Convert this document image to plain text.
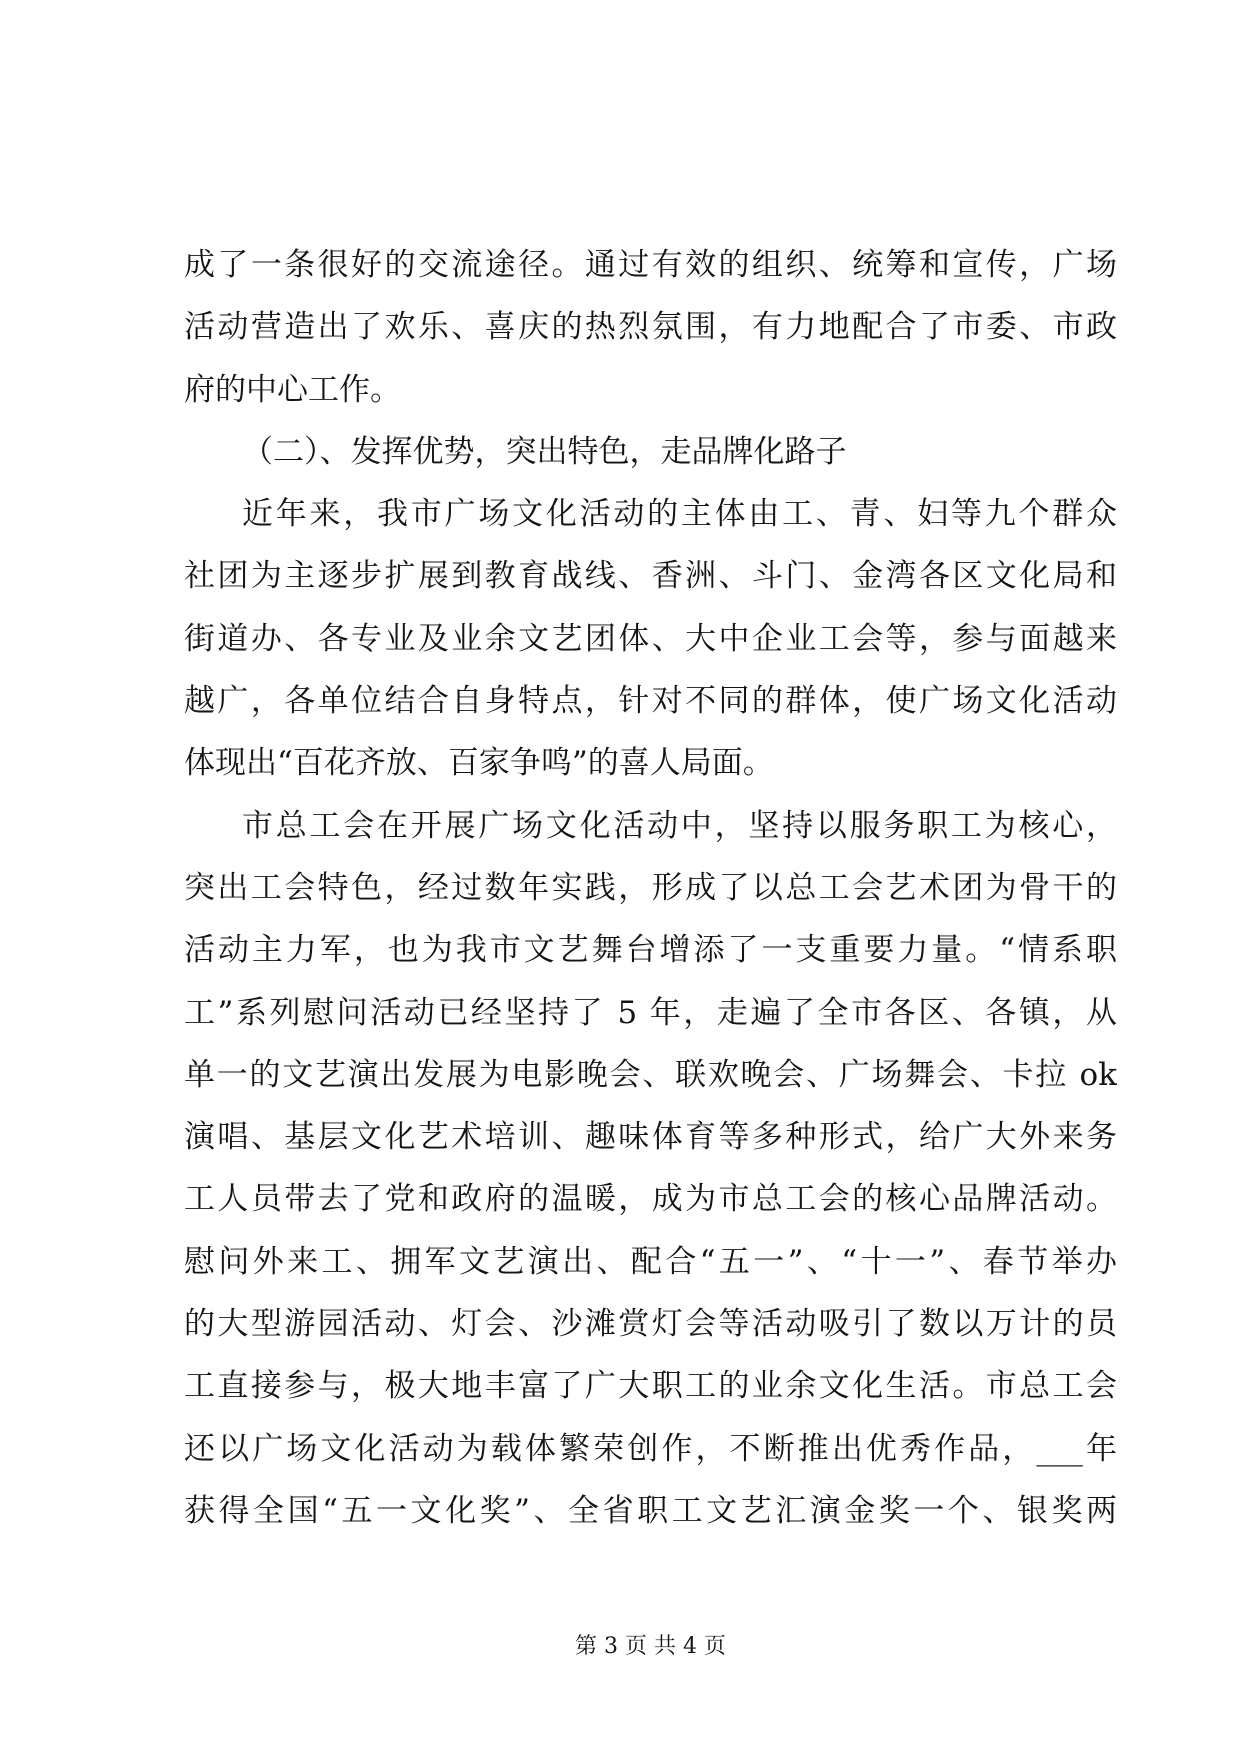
成了一条很好的交流途径。通过有效的组织、统筹和宣传，广场
活动营造出了欢乐、喜庆的热烈氛围，有力地配合了市委、市政
府的中心工作。
（二）、发挥优势，突出特色，走品牌化路子
近年来，我市广场文化活动的主体由工、青、妇等九个群众
社团为主逐步扩展到教育战线、香洲、斗门、金湾各区文化局和
街道办、各专业及业余文艺团体、大中企业工会等，参与面越来
越广，各单位结合自身特点，针对不同的群体，使广场文化活动
体现出“百花齐放、百家争鸣”的喜人局面。
市总工会在开展广场文化活动中，坚持以服务职工为核心，
突出工会特色，经过数年实践，形成了以总工会艺术团为骨干的
活动主力军，也为我市文艺舞台增添了一支重要力量。“情系职
工”系列慰问活动已经坚持了 5 年，走遍了全市各区、各镇，从
单一的文艺演出发展为电影晚会、联欢晚会、广场舞会、卡拉 ok
演唱、基层文化艺术培训、趣味体育等多种形式，给广大外来务
工人员带去了党和政府的温暖，成为市总工会的核心品牌活动。
慰问外来工、拥军文艺演出、配合“五一”、“十一”、春节举办
的大型游园活动、灯会、沙滩赏灯会等活动吸引了数以万计的员
工直接参与，极大地丰富了广大职工的业余文化生活。市总工会
还以广场文化活动为载体繁荣创作，不断推出优秀作品，___年
获得全国“五一文化奖”、全省职工文艺汇演金奖一个、银奖两
第 3 页 共 4 页
